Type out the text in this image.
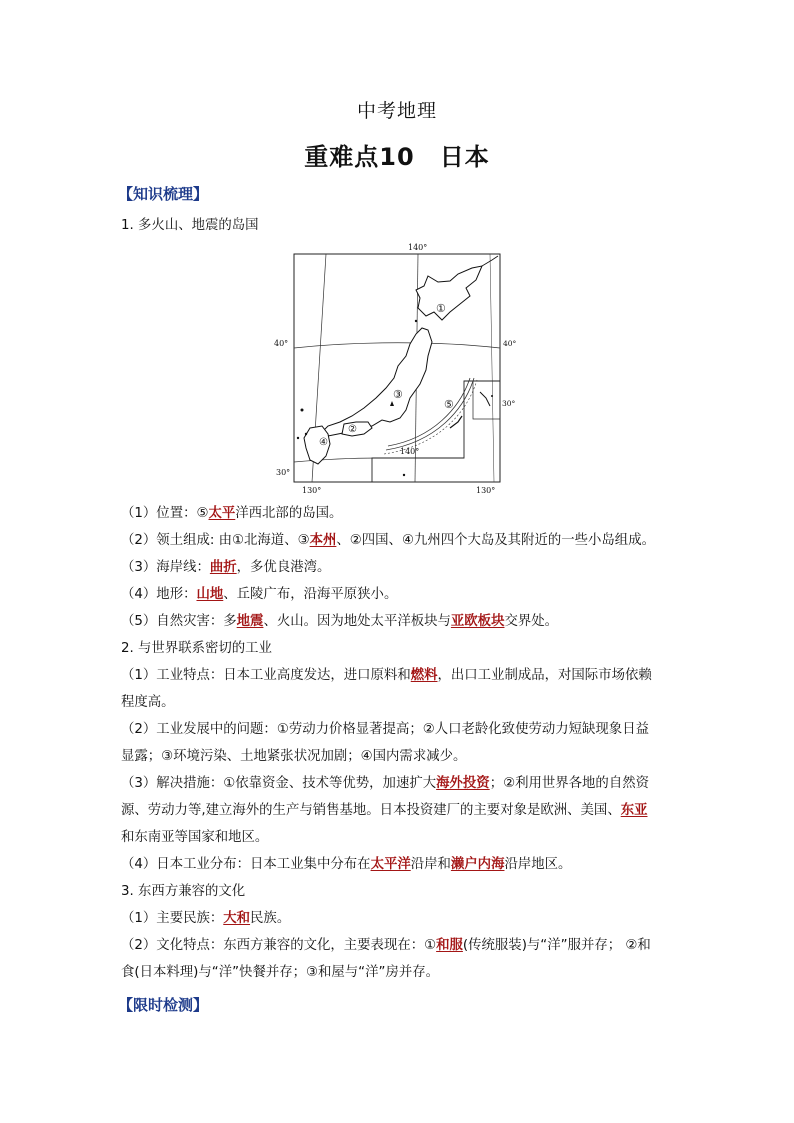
中考地理
重难点10　日本
【知识梳理】
1. 多火山、地震的岛国
140°
40°	40°
30°
30°
130°	130°
140°
①
③
②
④
⑤
（1）位置：⑤太平洋西北部的岛国。
（2）领土组成: 由①北海道、③本州、②四国、④九州四个大岛及其附近的一些小岛组成。
（3）海岸线：曲折，多优良港湾。
（4）地形：山地、丘陵广布，沿海平原狭小。
（5）自然灾害：多地震、火山。因为地处太平洋板块与亚欧板块交界处。
2. 与世界联系密切的工业
（1）工业特点：日本工业高度发达，进口原料和燃料，出口工业制成品，对国际市场依赖
程度高。
（2）工业发展中的问题：①劳动力价格显著提高；②人口老龄化致使劳动力短缺现象日益
显露；③环境污染、土地紧张状况加剧；④国内需求减少。
（3）解决措施：①依靠资金、技术等优势，加速扩大海外投资；②利用世界各地的自然资
源、劳动力等,建立海外的生产与销售基地。日本投资建厂的主要对象是欧洲、美国、东亚
和东南亚等国家和地区。
（4）日本工业分布：日本工业集中分布在太平洋沿岸和濑户内海沿岸地区。
3. 东西方兼容的文化
（1）主要民族：大和民族。
（2）文化特点：东西方兼容的文化，主要表现在：①和服(传统服装)与“洋”服并存； ②和
食(日本料理)与“洋”快餐并存；③和屋与“洋”房并存。
【限时检测】
